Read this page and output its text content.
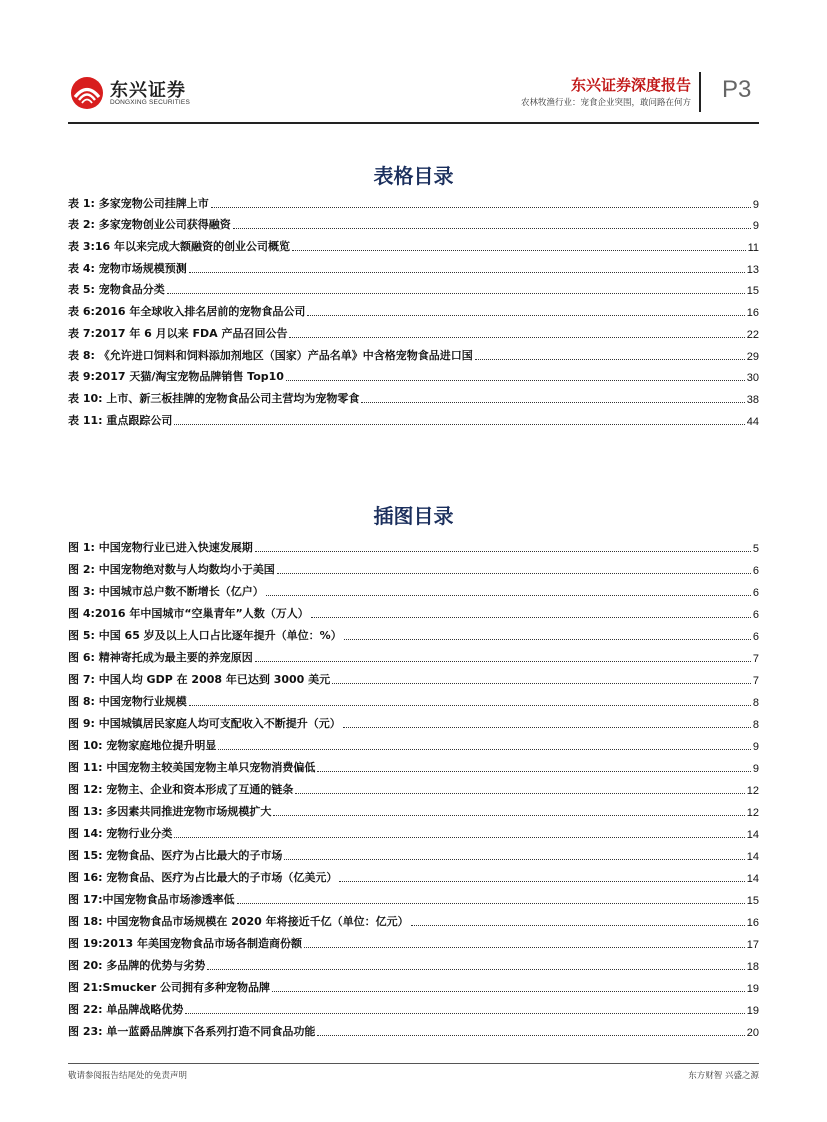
东兴证券
DONGXING SECURITIES
东兴证券深度报告
农林牧渔行业：宠食企业突围，敢问路在何方 P3
表格目录
表 1: 多家宠物公司挂牌上市	9
表 2: 多家宠物创业公司获得融资	9
表 3:16 年以来完成大额融资的创业公司概览	11
表 4: 宠物市场规模预测	13
表 5: 宠物食品分类	15
表 6:2016 年全球收入排名居前的宠物食品公司	16
表 7:2017 年 6 月以来 FDA 产品召回公告	22
表 8: 《允许进口饲料和饲料添加剂地区（国家）产品名单》中含格宠物食品进口国	29
表 9:2017 天猫/淘宝宠物品牌销售 Top10	30
表 10: 上市、新三板挂牌的宠物食品公司主营均为宠物零食	38
表 11: 重点跟踪公司	44
插图目录
图 1: 中国宠物行业已进入快速发展期	5
图 2: 中国宠物绝对数与人均数均小于美国	6
图 3: 中国城市总户数不断增长（亿户）	6
图 4:2016 年中国城市“空巢青年”人数（万人）	6
图 5: 中国 65 岁及以上人口占比逐年提升（单位：%）	6
图 6: 精神寄托成为最主要的养宠原因	7
图 7: 中国人均 GDP 在 2008 年已达到 3000 美元	7
图 8: 中国宠物行业规模	8
图 9: 中国城镇居民家庭人均可支配收入不断提升（元）	8
图 10: 宠物家庭地位提升明显	9
图 11: 中国宠物主较美国宠物主单只宠物消费偏低	9
图 12: 宠物主、企业和资本形成了互通的链条	12
图 13: 多因素共同推进宠物市场规模扩大	12
图 14: 宠物行业分类	14
图 15: 宠物食品、医疗为占比最大的子市场	14
图 16: 宠物食品、医疗为占比最大的子市场（亿美元）	14
图 17:中国宠物食品市场渗透率低	15
图 18: 中国宠物食品市场规模在 2020 年将接近千亿（单位：亿元）	16
图 19:2013 年美国宠物食品市场各制造商份额	17
图 20: 多品牌的优势与劣势	18
图 21:Smucker 公司拥有多种宠物品牌	19
图 22: 单品牌战略优势	19
图 23: 单一蓝爵品牌旗下各系列打造不同食品功能	20
敬请参阅报告结尾处的免责声明	东方财智 兴盛之源
